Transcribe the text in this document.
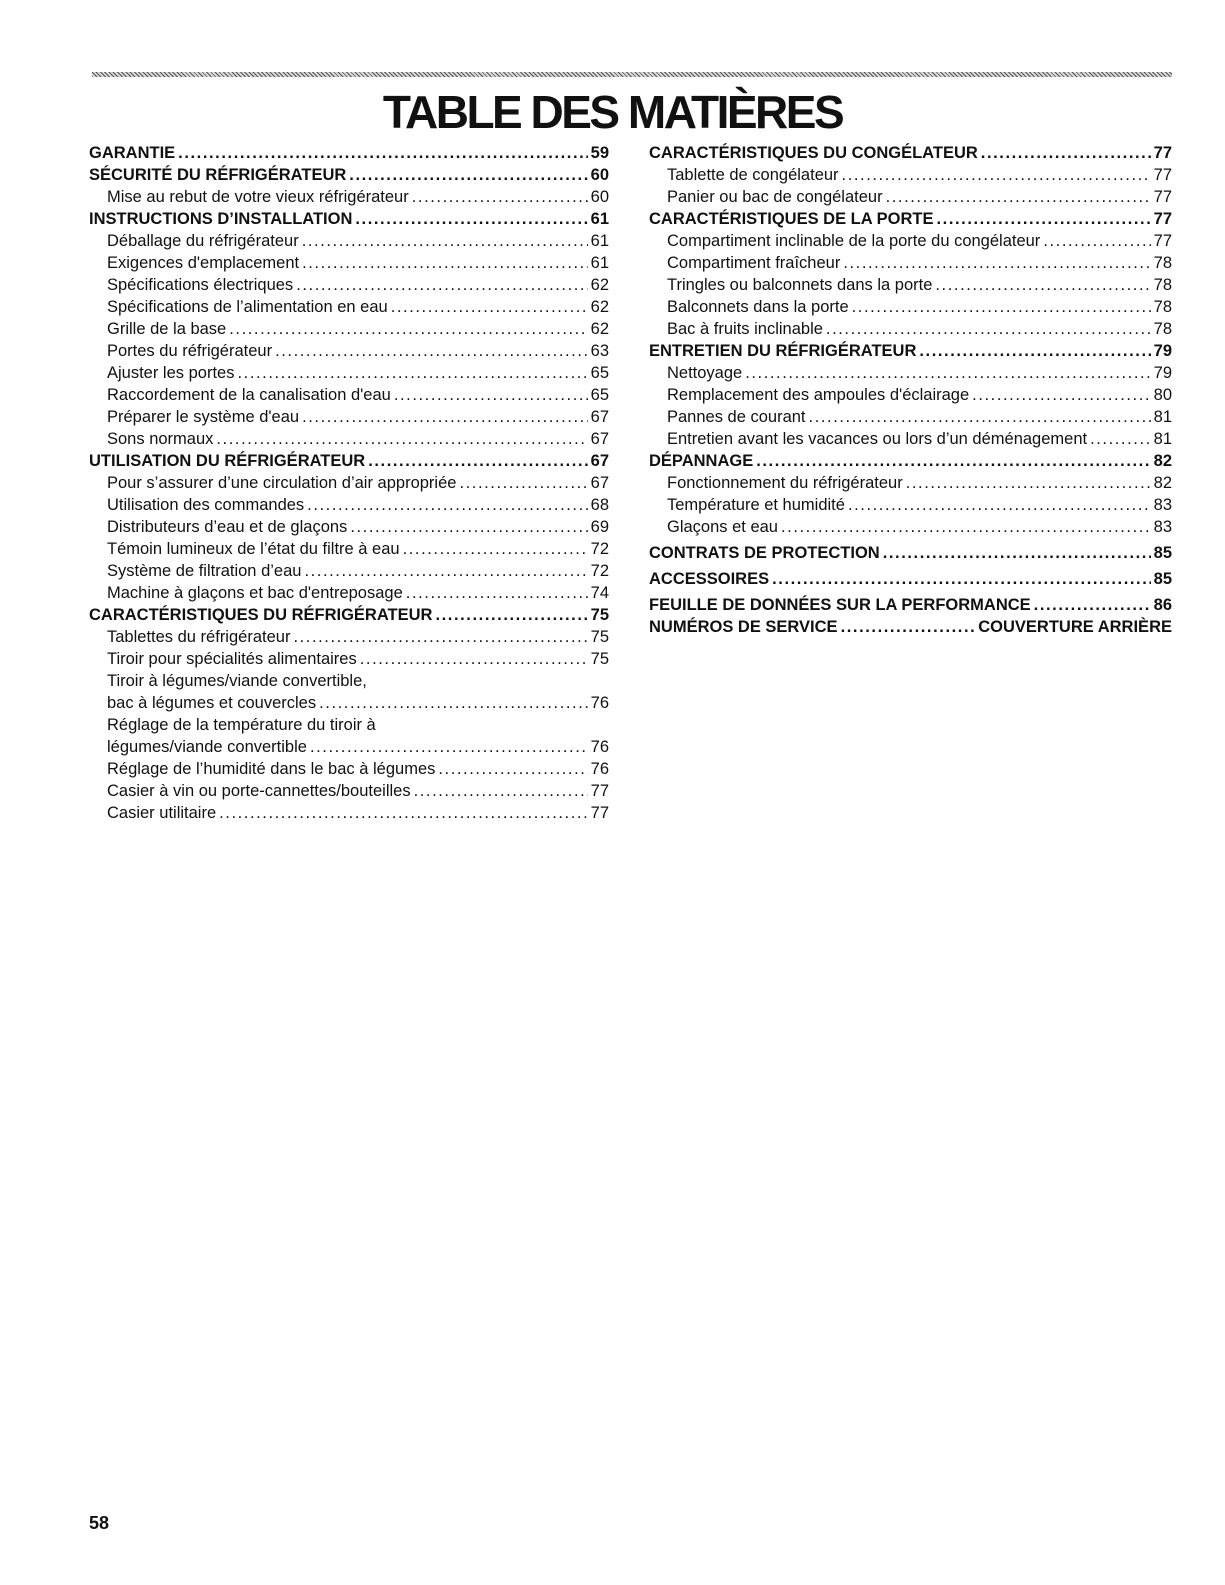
TABLE DES MATIÈRES
GARANTIE . . .	59
SÉCURITÉ DU RÉFRIGÉRATEUR . . .	60
Mise au rebut de votre vieux réfrigérateur . . .	60
INSTRUCTIONS D’INSTALLATION . . .	61
Déballage du réfrigérateur . . .	61
Exigences d'emplacement . . .	61
Spécifications électriques . . .	62
Spécifications de l’alimentation en eau . . .	62
Grille de la base . . .	62
Portes du réfrigérateur . . .	63
Ajuster les portes . . .	65
Raccordement de la canalisation d'eau . . .	65
Préparer le système d'eau . . .	67
Sons normaux . . .	67
UTILISATION DU RÉFRIGÉRATEUR . . .	67
Pour s’assurer d’une circulation d’air appropriée . . .	67
Utilisation des commandes . . .	68
Distributeurs d’eau et de glaçons . . .	69
Témoin lumineux de l’état du filtre à eau . . .	72
Système de filtration d’eau . . .	72
Machine à glaçons et bac d'entreposage . . .	74
CARACTÉRISTIQUES DU RÉFRIGÉRATEUR . . .	75
Tablettes du réfrigérateur . . .	75
Tiroir pour spécialités alimentaires . . .	75
Tiroir à légumes/viande convertible,
bac à légumes et couvercles . . .	76
Réglage de la température du tiroir à
légumes/viande convertible . . .	76
Réglage de l’humidité dans le bac à légumes . . .	76
Casier à vin ou porte-cannettes/bouteilles . . .	77
Casier utilitaire . . .	77
CARACTÉRISTIQUES DU CONGÉLATEUR . . .	77
Tablette de congélateur . . .	77
Panier ou bac de congélateur . . .	77
CARACTÉRISTIQUES DE LA PORTE . . .	77
Compartiment inclinable de la porte du congélateur . . .	77
Compartiment fraîcheur . . .	78
Tringles ou balconnets dans la porte . . .	78
Balconnets dans la porte . . .	78
Bac à fruits inclinable . . .	78
ENTRETIEN DU RÉFRIGÉRATEUR . . .	79
Nettoyage . . .	79
Remplacement des ampoules d'éclairage . . .	80
Pannes de courant . . .	81
Entretien avant les vacances ou lors d’un déménagement . . .	81
DÉPANNAGE . . .	82
Fonctionnement du réfrigérateur . . .	82
Température et humidité . . .	83
Glaçons et eau . . .	83
CONTRATS DE PROTECTION . . .	85
ACCESSOIRES . . .	85
FEUILLE DE DONNÉES SUR LA PERFORMANCE . . .	86
NUMÉROS DE SERVICE . . .	COUVERTURE ARRIÈRE

58
